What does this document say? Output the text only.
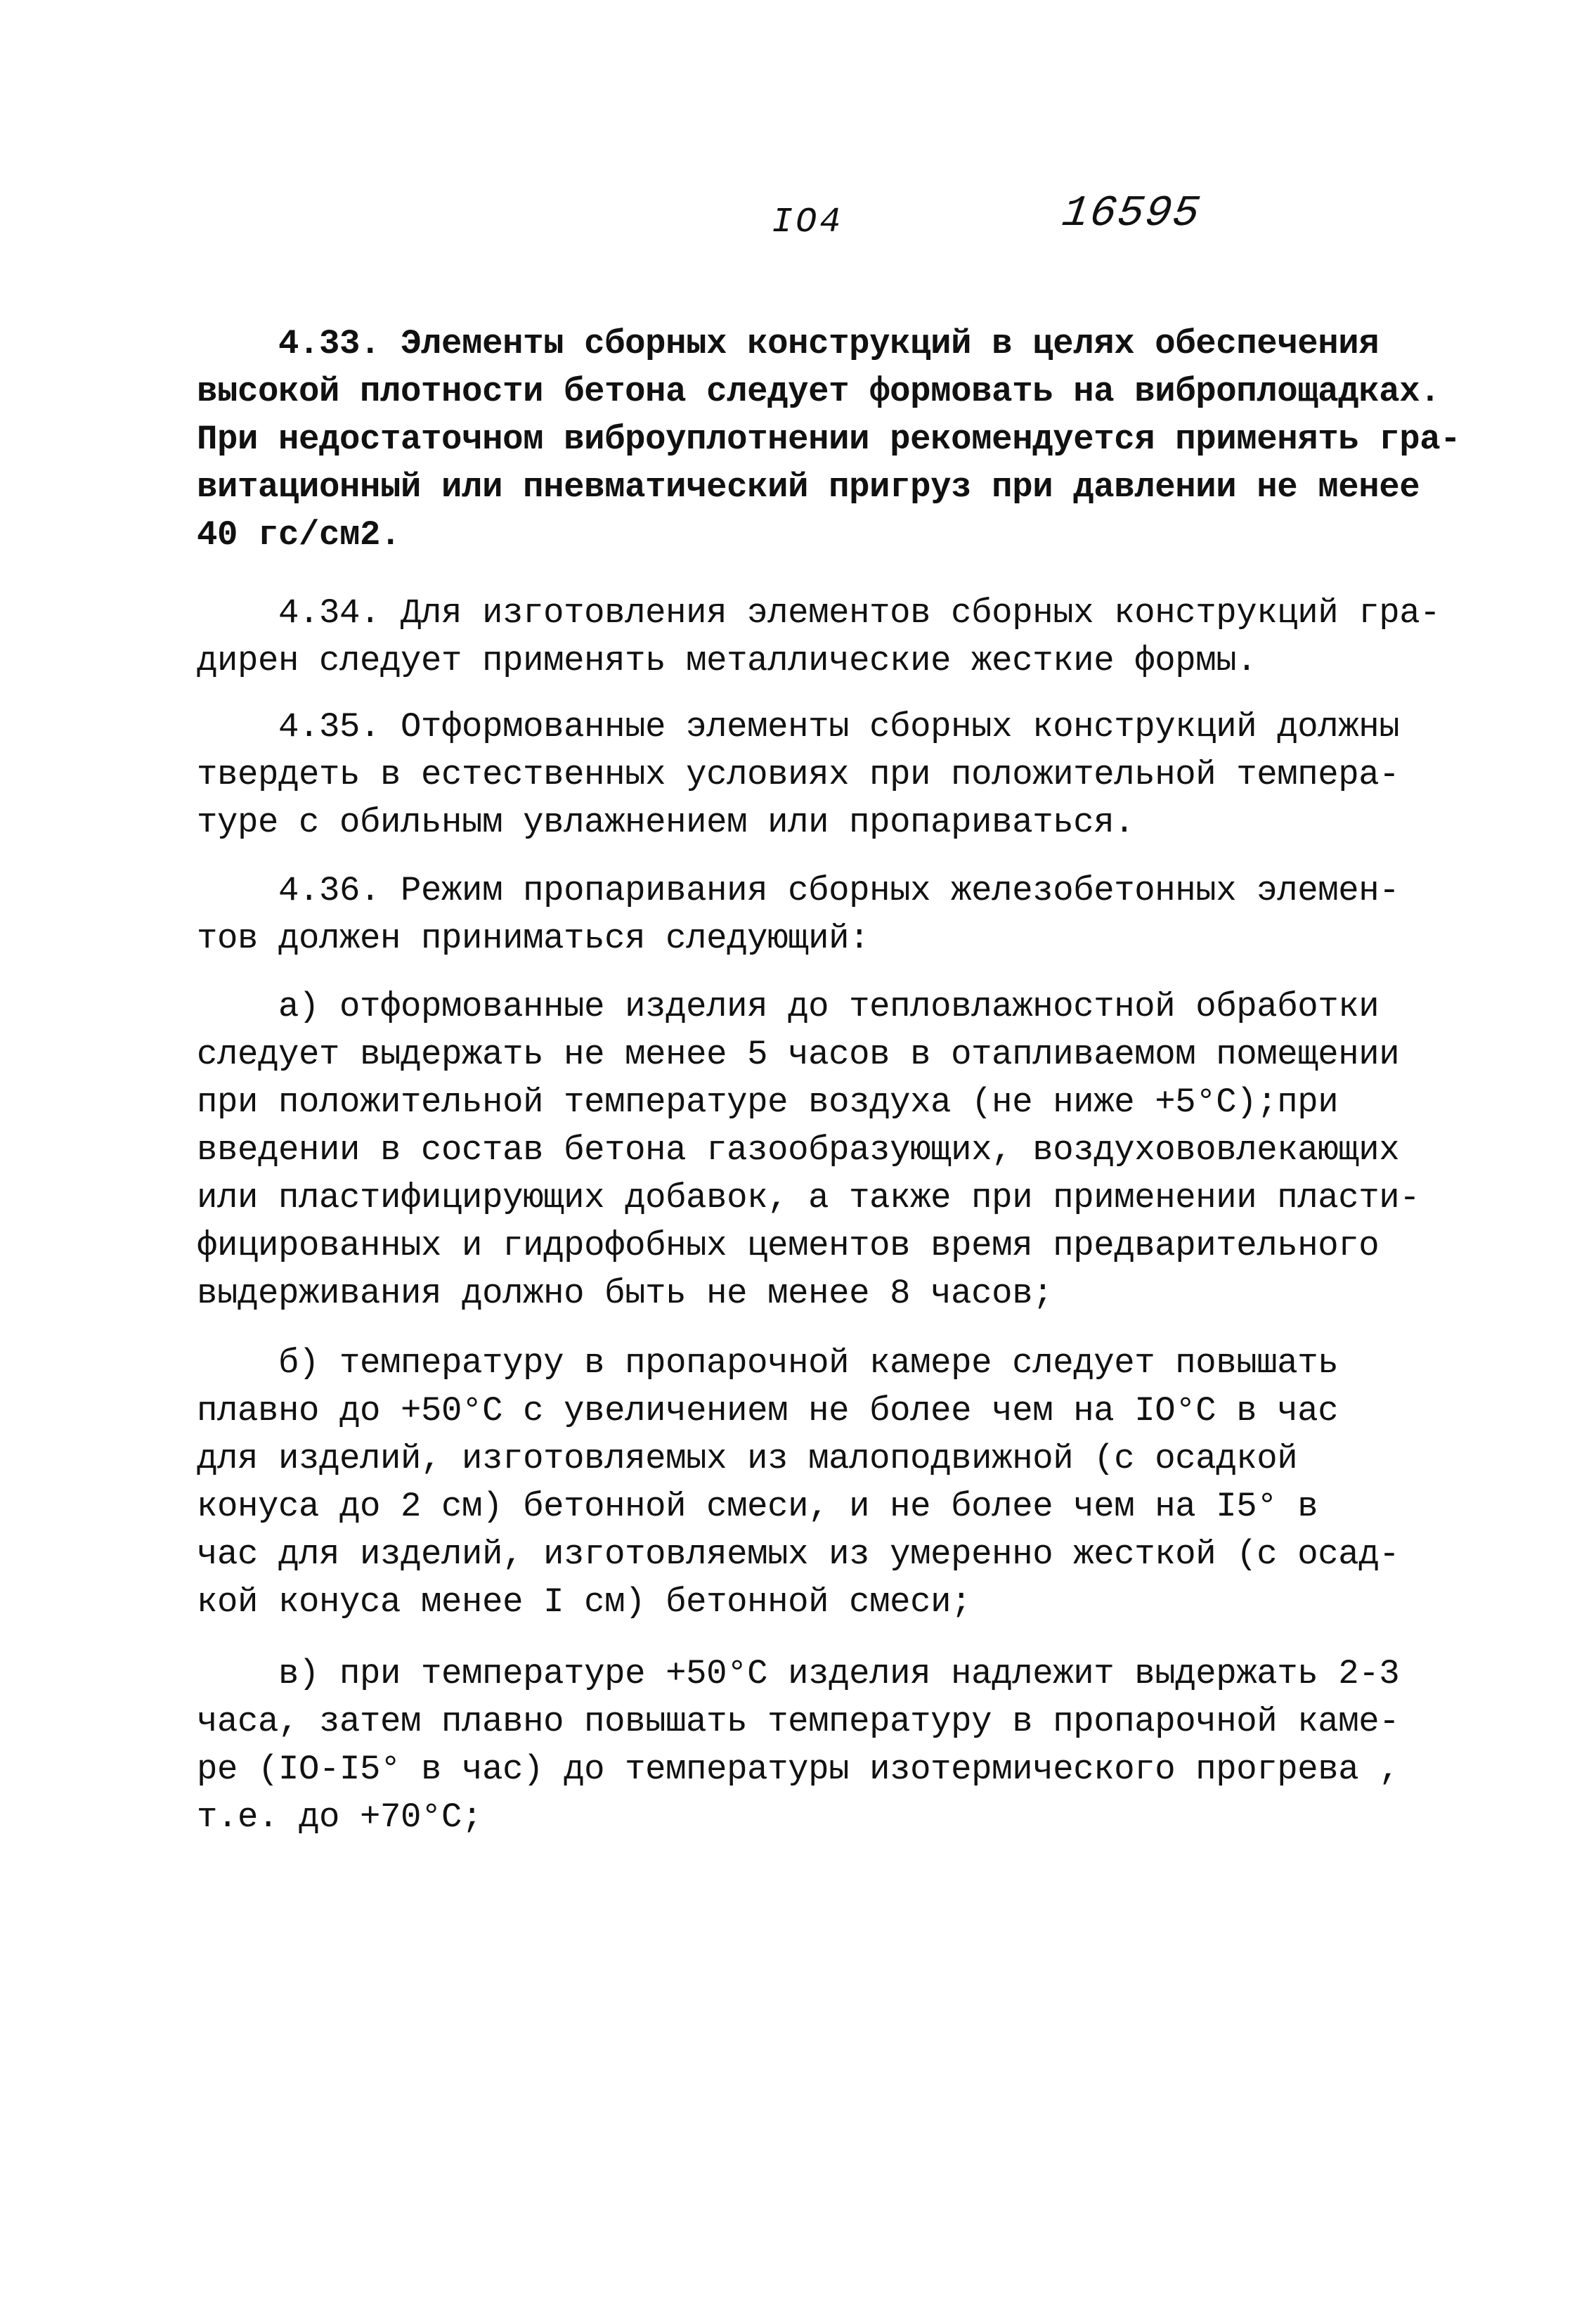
IO4	16595
4.33. Элементы сборных конструкций в целях обеспечения
высокой плотности бетона следует формовать на виброплощадках.
При недостаточном виброуплотнении рекомендуется применять гра-
витационный или пневматический пригруз при давлении не менее
40 гс/см2.
4.34. Для изготовления элементов сборных конструкций гра-
дирен следует применять металлические жесткие формы.
4.35. Отформованные элементы сборных конструкций должны
твердеть в естественных условиях при положительной темпера-
туре с обильным увлажнением или пропариваться.
4.36. Режим пропаривания сборных железобетонных элемен-
тов должен приниматься следующий:
а) отформованные изделия до тепловлажностной обработки
следует выдержать не менее 5 часов в отапливаемом помещении
при положительной температуре воздуха (не ниже +5°С);при
введении в состав бетона газообразующих, воздухововлекающих
или пластифицирующих добавок, а также при применении пласти-
фицированных и гидрофобных цементов время предварительного
выдерживания должно быть не менее 8 часов;
б) температуру в пропарочной камере следует повышать
плавно до +50°С с увеличением не более чем на IO°С в час
для изделий, изготовляемых из малоподвижной (с осадкой
конуса до 2 см) бетонной смеси, и не более чем на I5° в
час для изделий, изготовляемых из умеренно жесткой (с осад-
кой конуса менее I см) бетонной смеси;
в) при температуре +50°С изделия надлежит выдержать 2-3
часа, затем плавно повышать температуру в пропарочной каме-
ре (IO-I5° в час) до температуры изотермического прогрева ,
т.е. до +70°С;
